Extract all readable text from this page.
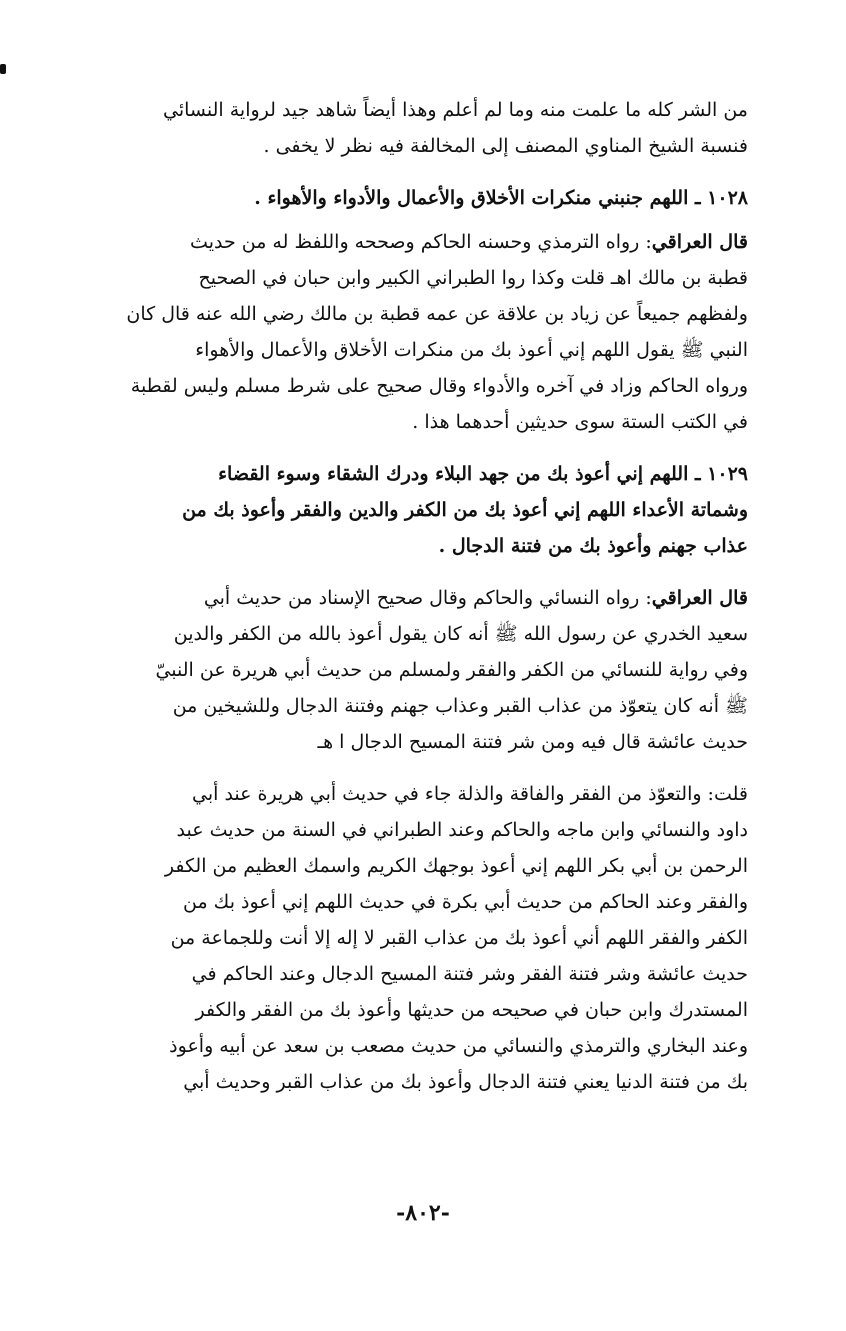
من الشر كله ما علمت منه وما لم أعلم وهذا أيضاً شاهد جيد لرواية النسائي
فنسبة الشيخ المناوي المصنف إلى المخالفة فيه نظر لا يخفى .

١٠٢٨ ـ اللهم جنبني منكرات الأخلاق والأعمال والأدواء والأهواء .

قال العراقي: رواه الترمذي وحسنه الحاكم وصححه واللفظ له من حديث
قطبة بن مالك اهـ قلت وكذا روا الطبراني الكبير وابن حبان في الصحيح
ولفظهم جميعاً عن زياد بن علاقة عن عمه قطبة بن مالك رضي الله عنه قال كان
النبي ﷺ يقول اللهم إني أعوذ بك من منكرات الأخلاق والأعمال والأهواء
ورواه الحاكم وزاد في آخره والأدواء وقال صحيح على شرط مسلم وليس لقطبة
في الكتب الستة سوى حديثين أحدهما هذا .

١٠٢٩ ـ اللهم إني أعوذ بك من جهد البلاء ودرك الشقاء وسوء القضاء
وشماتة الأعداء اللهم إني أعوذ بك من الكفر والدين والفقر وأعوذ بك من
عذاب جهنم وأعوذ بك من فتنة الدجال .

قال العراقي: رواه النسائي والحاكم وقال صحيح الإسناد من حديث أبي
سعيد الخدري عن رسول الله ﷺ أنه كان يقول أعوذ بالله من الكفر والدين
وفي رواية للنسائي من الكفر والفقر ولمسلم من حديث أبي هريرة عن النبيّ
ﷺ أنه كان يتعوّذ من عذاب القبر وعذاب جهنم وفتنة الدجال وللشيخين من
حديث عائشة قال فيه ومن شر فتنة المسيح الدجال ا هـ

قلت: والتعوّذ من الفقر والفاقة والذلة جاء في حديث أبي هريرة عند أبي
داود والنسائي وابن ماجه والحاكم وعند الطبراني في السنة من حديث عبد
الرحمن بن أبي بكر اللهم إني أعوذ بوجهك الكريم واسمك العظيم من الكفر
والفقر وعند الحاكم من حديث أبي بكرة في حديث اللهم إني أعوذ بك من
الكفر والفقر اللهم أني أعوذ بك من عذاب القبر لا إله إلا أنت وللجماعة من
حديث عائشة وشر فتنة الفقر وشر فتنة المسيح الدجال وعند الحاكم في
المستدرك وابن حبان في صحيحه من حديثها وأعوذ بك من الفقر والكفر
وعند البخاري والترمذي والنسائي من حديث مصعب بن سعد عن أبيه وأعوذ
بك من فتنة الدنيا يعني فتنة الدجال وأعوذ بك من عذاب القبر وحديث أبي

-٨٠٢-
